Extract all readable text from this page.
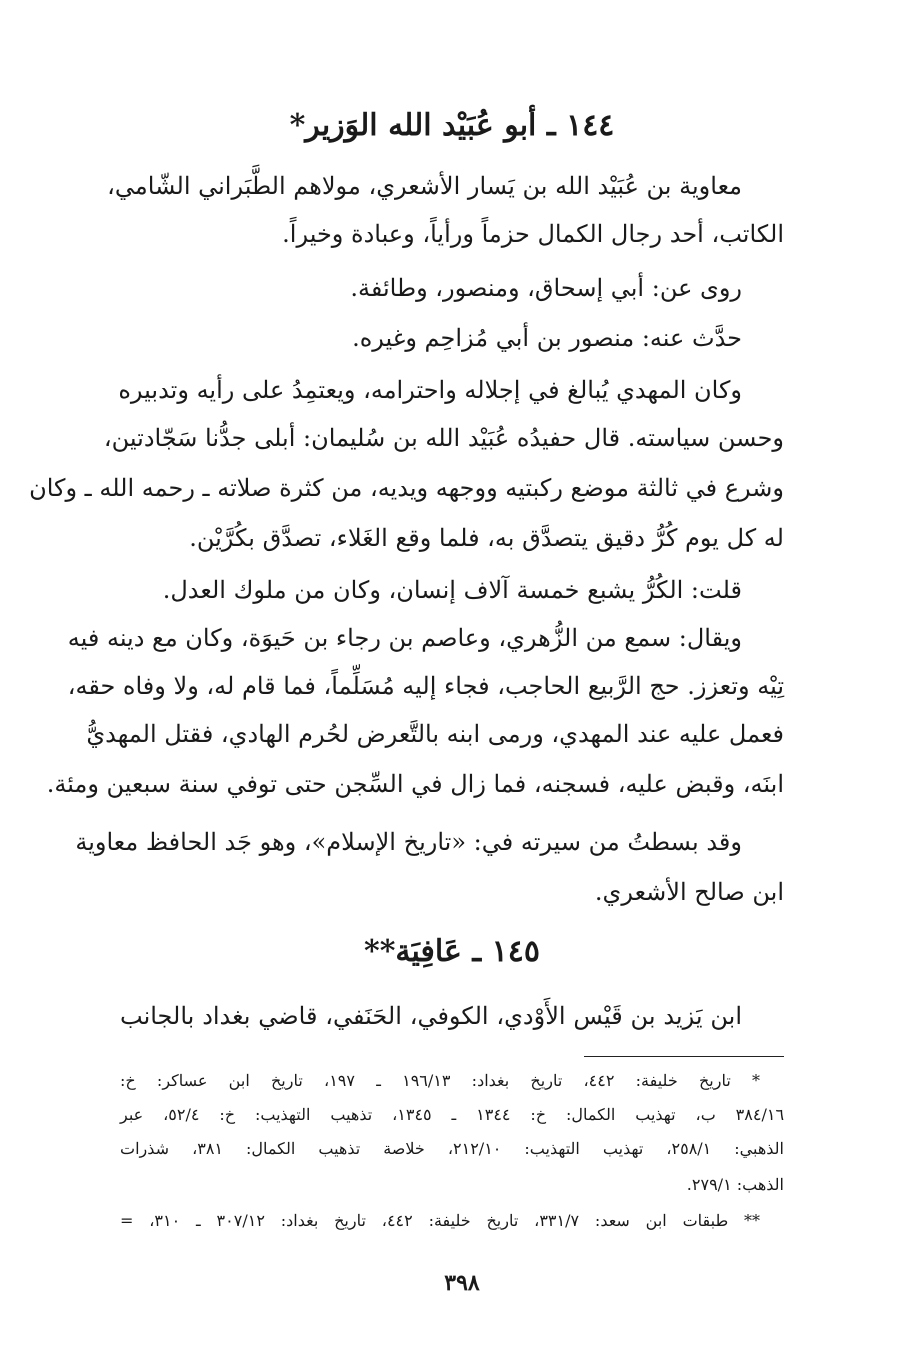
١٤٤ ـ أبو عُبَيْد الله الوَزير*
معاوية بن عُبَيْد الله بن يَسار الأشعري، مولاهم الطَّبَراني الشّامي،
الكاتب، أحد رجال الكمال حزماً ورأياً، وعبادة وخيراً.
روى عن: أبي إسحاق، ومنصور، وطائفة.
حدَّث عنه: منصور بن أبي مُزاحِم وغيره.
وكان المهدي يُبالغ في إجلاله واحترامه، ويعتمِدُ على رأيه وتدبيره
وحسن سياسته. قال حفيدُه عُبَيْد الله بن سُليمان: أبلى جدُّنا سَجّادتين،
وشرع في ثالثة موضع ركبتيه ووجهه ويديه، من كثرة صلاته ـ رحمه الله ـ وكان
له كل يوم كُرُّ دقيق يتصدَّق به، فلما وقع الغَلاء، تصدَّق بكُرَّيْن.
قلت: الكُرُّ يشبع خمسة آلاف إنسان، وكان من ملوك العدل.
ويقال: سمع من الزُّهري، وعاصم بن رجاء بن حَيوَة، وكان مع دينه فيه
تِيْه وتعزز. حج الرَّبيع الحاجب، فجاء إليه مُسَلِّماً، فما قام له، ولا وفاه حقه،
فعمل عليه عند المهدي، ورمى ابنه بالتَّعرض لحُرم الهادي، فقتل المهديُّ
ابنَه، وقبض عليه، فسجنه، فما زال في السِّجن حتى توفي سنة سبعين ومئة.
وقد بسطتُ من سيرته في: «تاريخ الإسلام»، وهو جَد الحافظ معاوية
ابن صالح الأشعري.
١٤٥ ـ عَافِيَة**
ابن يَزيد بن قَيْس الأَوْدي، الكوفي، الحَنَفي، قاضي بغداد بالجانب
* تاريخ خليفة: ٤٤٢، تاريخ بغداد: ١٩٦/١٣ ـ ١٩٧، تاريخ ابن عساكر: خ:
٣٨٤/١٦ ب، تهذيب الكمال: خ: ١٣٤٤ ـ ١٣٤٥، تذهيب التهذيب: خ: ٥٢/٤، عبر
الذهبي: ٢٥٨/١، تهذيب التهذيب: ٢١٢/١٠، خلاصة تذهيب الكمال: ٣٨١، شذرات
الذهب: ٢٧٩/١.
** طبقات ابن سعد: ٣٣١/٧، تاريخ خليفة: ٤٤٢، تاريخ بغداد: ٣٠٧/١٢ ـ ٣١٠، =
٣٩٨
